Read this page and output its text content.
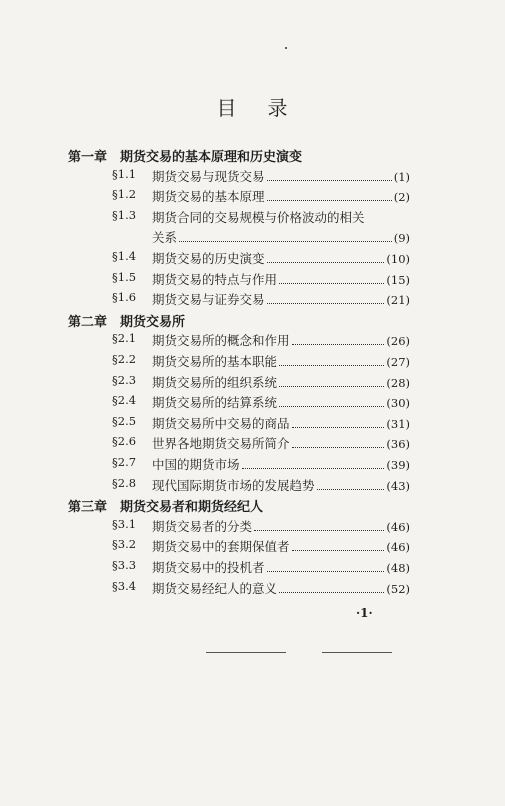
目 录
第一章 期货交易的基本原理和历史演变
§1.1	期货交易与现货交易	(1)
§1.2	期货交易的基本原理	(2)
§1.3	期货合同的交易规模与价格波动的相关
关系	(9)
§1.4	期货交易的历史演变	(10)
§1.5	期货交易的特点与作用	(15)
§1.6	期货交易与证券交易	(21)
第二章 期货交易所
§2.1	期货交易所的概念和作用	(26)
§2.2	期货交易所的基本职能	(27)
§2.3	期货交易所的组织系统	(28)
§2.4	期货交易所的结算系统	(30)
§2.5	期货交易所中交易的商品	(31)
§2.6	世界各地期货交易所简介	(36)
§2.7	中国的期货市场	(39)
§2.8	现代国际期货市场的发展趋势	(43)
第三章 期货交易者和期货经纪人
§3.1	期货交易者的分类	(46)
§3.2	期货交易中的套期保值者	(46)
§3.3	期货交易中的投机者	(48)
§3.4	期货交易经纪人的意义	(52)
·1·
